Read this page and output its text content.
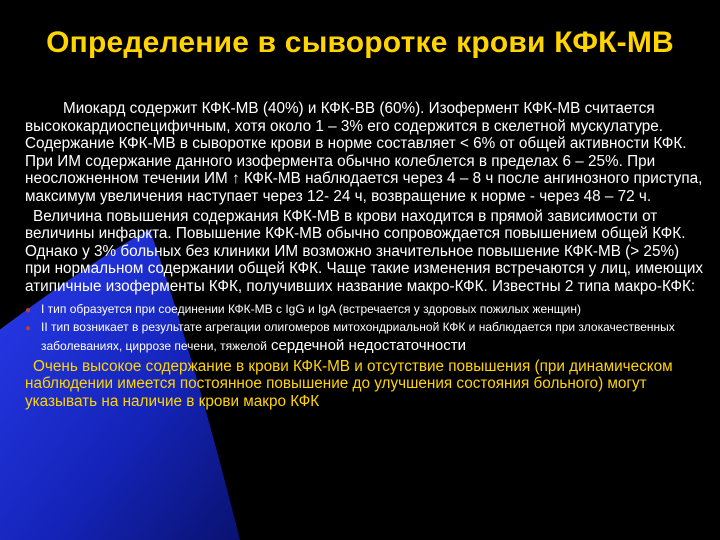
Определение в сыворотке крови КФК-МВ

Миокард содержит КФК-МВ (40%) и КФК-ВВ (60%). Изофермент КФК-МВ считается высококардиоспецифичным, хотя около 1 – 3% его содержится в скелетной мускулатуре. Содержание КФК-МВ в сыворотке крови в норме составляет < 6% от общей активности КФК. При ИМ содержание данного изофермента обычно колеблется в пределах 6 – 25%. При неосложненном течении ИМ ↑ КФК-МВ наблюдается через 4 – 8 ч после ангинозного приступа, максимум увеличения наступает через 12- 24 ч, возвращение к норме - через 48 – 72 ч.

Величина повышения содержания КФК-МВ в крови находится в прямой зависимости от величины инфаркта. Повышение КФК-МВ обычно сопровождается повышением общей КФК. Однако у 3% больных без клиники ИМ возможно значительное повышение КФК-МВ (> 25%) при нормальном содержании общей КФК. Чаще такие изменения встречаются у лиц, имеющих атипичные изоферменты КФК, получивших название макро-КФК. Известны 2 типа макро-КФК:

● I тип образуется при соединении КФК-МВ с IgG и IgA (встречается у здоровых пожилых женщин)
● II тип возникает в результате агрегации олигомеров митохондриальной КФК и наблюдается при злокачественных заболеваниях, циррозе печени, тяжелой сердечной недостаточности

Очень высокое содержание в крови КФК-МВ и отсутствие повышения (при динамическом наблюдении имеется постоянное повышение до улучшения состояния больного) могут указывать на наличие в крови макро КФК
